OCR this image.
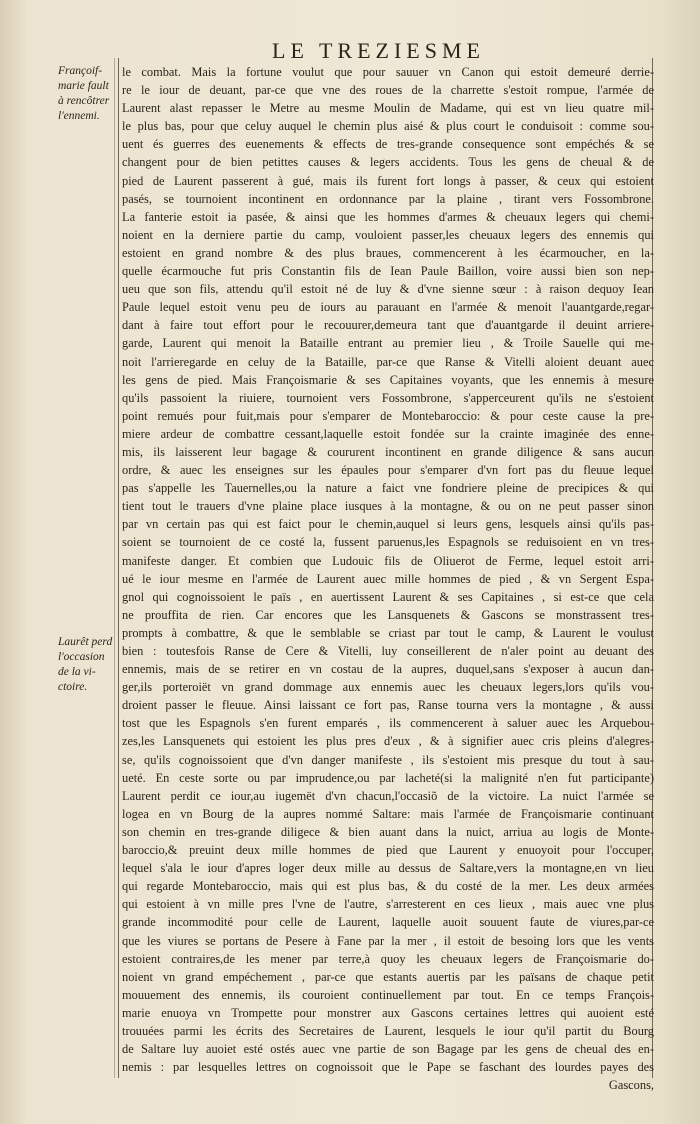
LE TREZIESME
Françoif-
marie fault
à rencôtrer
l'ennemi.
Laurêt perd
l'occasion
de la vi-
ctoire.
le combat. Mais la fortune voulut que pour sauuer vn Canon qui estoit demeuré derrie-
re le iour de deuant, par-ce que vne des roues de la charrette s'estoit rompue, l'armée de
Laurent alast repasser le Metre au mesme Moulin de Madame, qui est vn lieu quatre mil-
le plus bas, pour que celuy auquel le chemin plus aisé & plus court le conduisoit : comme sou-
uent és guerres des euenements & effects de tres-grande consequence sont empéchés & se
changent pour de bien petittes causes & legers accidents. Tous les gens de cheual & de
pied de Laurent passerent à gué, mais ils furent fort longs à passer, & ceux qui estoient
pasés, se tournoient incontinent en ordonnance par la plaine , tirant vers Fossombrone.
La fanterie estoit ia pasée, & ainsi que les hommes d'armes & cheuaux legers qui chemi-
noient en la derniere partie du camp, vouloient passer,les cheuaux legers des ennemis qui
estoient en grand nombre & des plus braues, commencerent à les écarmoucher, en la-
quelle écarmouche fut pris Constantin fils de Iean Paule Baillon, voire aussi bien son nep-
ueu que son fils, attendu qu'il estoit né de luy & d'vne sienne sœur : à raison dequoy Iean
Paule lequel estoit venu peu de iours au parauant en l'armée & menoit l'auantgarde,regar-
dant à faire tout effort pour le recouurer,demeura tant que d'auantgarde il deuint arriere-
garde, Laurent qui menoit la Bataille entrant au premier lieu , & Troile Sauelle qui me-
noit l'arrieregarde en celuy de la Bataille, par-ce que Ranse & Vitelli aloient deuant auec
les gens de pied. Mais Françoismarie & ses Capitaines voyants, que les ennemis à mesure
qu'ils passoient la riuiere, tournoient vers Fossombrone, s'apperceurent qu'ils ne s'estoient
point remués pour fuit,mais pour s'emparer de Montebaroccio: & pour ceste cause la pre-
miere ardeur de combattre cessant,laquelle estoit fondée sur la crainte imaginée des enne-
mis, ils laisserent leur bagage & coururent incontinent en grande diligence & sans aucun
ordre, & auec les enseignes sur les épaules pour s'emparer d'vn fort pas du fleuue lequel
pas s'appelle les Tauernelles,ou la nature a faict vne fondriere pleine de precipices & qui
tient tout le trauers d'vne plaine place iusques à la montagne, & ou on ne peut passer sinon
par vn certain pas qui est faict pour le chemin,auquel si leurs gens, lesquels ainsi qu'ils pas-
soient se tournoient de ce costé la, fussent paruenus,les Espagnols se reduisoient en vn tres-
manifeste danger. Et combien que Ludouic fils de Oliuerot de Ferme, lequel estoit arri-
ué le iour mesme en l'armée de Laurent auec mille hommes de pied , & vn Sergent Espa-
gnol qui cognoissoient le païs , en auertissent Laurent & ses Capitaines , si est-ce que cela
ne prouffita de rien. Car encores que les Lansquenets & Gascons se monstrassent tres-
prompts à combattre, & que le semblable se criast par tout le camp, & Laurent le voulust
bien : toutesfois Ranse de Cere & Vitelli, luy conseillerent de n'aler point au deuant des
ennemis, mais de se retirer en vn costau de la aupres, duquel,sans s'exposer à aucun dan-
ger,ils porteroiët vn grand dommage aux ennemis auec les cheuaux legers,lors qu'ils vou-
droient passer le fleuue. Ainsi laissant ce fort pas, Ranse tourna vers la montagne , & aussi
tost que les Espagnols s'en furent emparés , ils commencerent à saluer auec les Arquebou-
zes,les Lansquenets qui estoient les plus pres d'eux , & à signifier auec cris pleins d'alegres-
se, qu'ils cognoissoient que d'vn danger manifeste , ils s'estoient mis presque du tout à sau-
ueté. En ceste sorte ou par imprudence,ou par lacheté(si la malignité n'en fut participante)
Laurent perdit ce iour,au iugemët d'vn chacun,l'occasiõ de la victoire. La nuict l'armée se
logea en vn Bourg de la aupres nommé Saltare: mais l'armée de Françoismarie continuant
son chemin en tres-grande diligece & bien auant dans la nuict, arriua au logis de Monte-
baroccio,& preuint deux mille hommes de pied que Laurent y enuoyoit pour l'occuper,
lequel s'ala le iour d'apres loger deux mille au dessus de Saltare,vers la montagne,en vn lieu
qui regarde Montebaroccio, mais qui est plus bas, & du costé de la mer. Les deux armées
qui estoient à vn mille pres l'vne de l'autre, s'arresterent en ces lieux , mais auec vne plus
grande incommodité pour celle de Laurent, laquelle auoit souuent faute de viures,par-ce
que les viures se portans de Pesere à Fane par la mer , il estoit de besoing lors que les vents
estoient contraires,de les mener par terre,à quoy les cheuaux legers de Françoismarie do-
noient vn grand empéchement , par-ce que estants auertis par les païsans de chaque petit
mouuement des ennemis, ils couroient continuellement par tout. En ce temps François-
marie enuoya vn Trompette pour monstrer aux Gascons certaines lettres qui auoient esté
trouuées parmi les écrits des Secretaires de Laurent, lesquels le iour qu'il partit du Bourg
de Saltare luy auoiet esté ostés auec vne partie de son Bagage par les gens de cheual des en-
nemis : par lesquelles lettres on cognoissoit que le Pape se faschant des lourdes payes des
Gascons,
